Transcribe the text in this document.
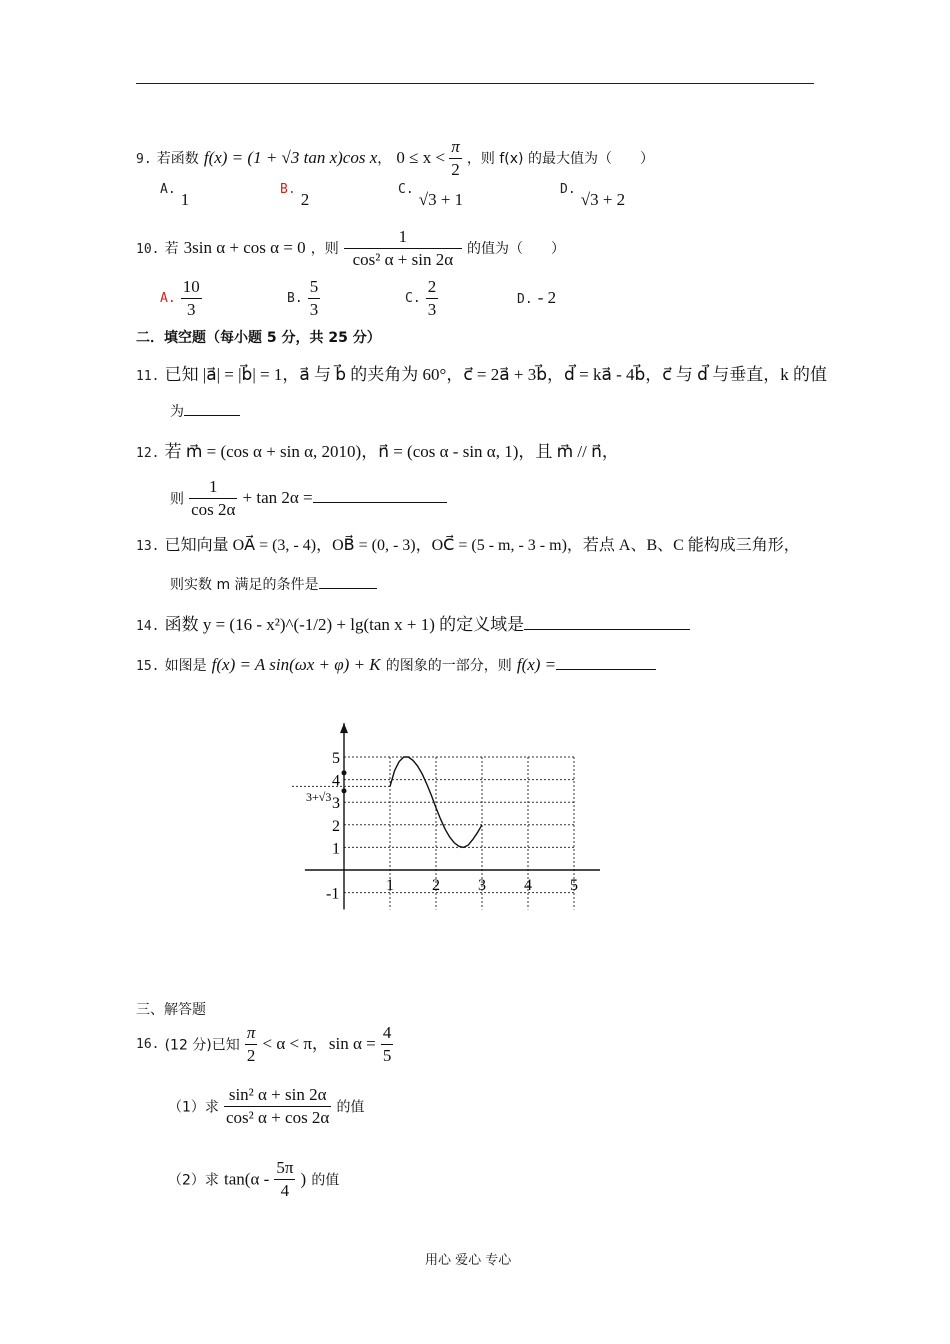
9. 若函数 f(x) = (1 + √3 tan x)cos x， $0 \le x < \frac{\pi}{2}$ ，则 f(x) 的最大值为（　　）
A. 1
B. 2
C. √3 + 1
D. √3 + 2
10. 若 3sin α + cos α = 0 ，则 $\frac{1}{\text{cos² α + sin 2α}}$ 的值为（　　）
A. $\frac{10}{3}$	B. $\frac{5}{3}$	C. $\frac{2}{3}$	D. - 2
二．填空题（每小题 5 分，共 25 分）
11. 已知 |a⃗| = |b⃗| = 1，a⃗ 与 b⃗ 的夹角为 60°，c⃗ = 2a⃗ + 3b⃗，d⃗ = ka⃗ - 4b⃗，c⃗ 与 d⃗ 与垂直，k 的值
为
12. 若 m⃗ = (cos α + sin α, 2010)，n⃗ = (cos α - sin α, 1)，且 m⃗ // n⃗，
则 $\frac{1}{\cos 2\alpha} + \tan 2\alpha$ =
13. 已知向量 OA⃗ = (3, - 4)，OB⃗ = (0, - 3)，OC⃗ = (5 - m, - 3 - m)，若点 A、B、C 能构成三角形，
则实数 m 满足的条件是
14. 函数 y = (16 - x²)^(-1/2) + lg(tan x + 1) 的定义域是
15. 如图是 f(x) = A sin(ωx + φ) + K 的图象的一部分，则 f(x) =
1 2 3 4 5
-1
1
2
3
4
5
3+√3
三、解答题
16. (12 分)已知 $\frac{\pi}{2} < \alpha < \pi$，$\sin \alpha = \frac{4}{5}$
（1）求 $\frac{\text{sin² α + sin 2α}}{\text{cos² α + cos 2α}}$ 的值
（2）求 $\tan(\alpha - \frac{5\pi}{4}$ ) 的值
用心 爱心 专心
